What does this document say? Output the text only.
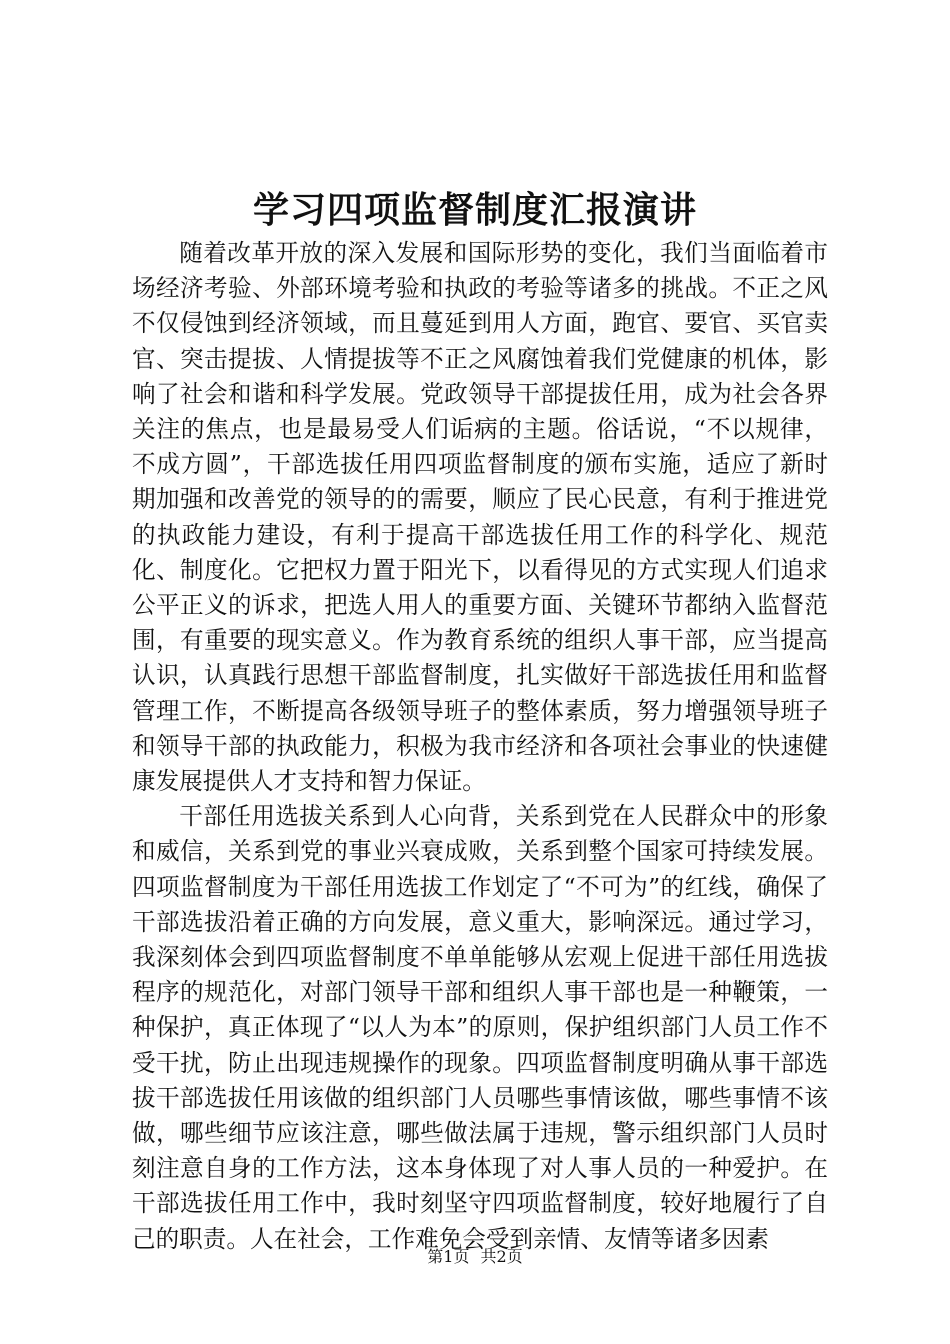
学习四项监督制度汇报演讲

随着改革开放的深入发展和国际形势的变化，我们当面临着市场经济考验、外部环境考验和执政的考验等诸多的挑战。不正之风不仅侵蚀到经济领域，而且蔓延到用人方面，跑官、要官、买官卖官、突击提拔、人情提拔等不正之风腐蚀着我们党健康的机体，影响了社会和谐和科学发展。党政领导干部提拔任用，成为社会各界关注的焦点，也是最易受人们诟病的主题。俗话说，“不以规律，不成方圆”，干部选拔任用四项监督制度的颁布实施，适应了新时期加强和改善党的领导的的需要，顺应了民心民意，有利于推进党的执政能力建设，有利于提高干部选拔任用工作的科学化、规范化、制度化。它把权力置于阳光下，以看得见的方式实现人们追求公平正义的诉求，把选人用人的重要方面、关键环节都纳入监督范围，有重要的现实意义。作为教育系统的组织人事干部，应当提高认识，认真践行思想干部监督制度，扎实做好干部选拔任用和监督管理工作，不断提高各级领导班子的整体素质，努力增强领导班子和领导干部的执政能力，积极为我市经济和各项社会事业的快速健康发展提供人才支持和智力保证。

干部任用选拔关系到人心向背，关系到党在人民群众中的形象和威信，关系到党的事业兴衰成败，关系到整个国家可持续发展。四项监督制度为干部任用选拔工作划定了“不可为”的红线，确保了干部选拔沿着正确的方向发展，意义重大，影响深远。通过学习，我深刻体会到四项监督制度不单单能够从宏观上促进干部任用选拔程序的规范化，对部门领导干部和组织人事干部也是一种鞭策，一种保护，真正体现了“以人为本”的原则，保护组织部门人员工作不受干扰，防止出现违规操作的现象。四项监督制度明确从事干部选拔干部选拔任用该做的组织部门人员哪些事情该做，哪些事情不该做，哪些细节应该注意，哪些做法属于违规，警示组织部门人员时刻注意自身的工作方法，这本身体现了对人事人员的一种爱护。在干部选拔任用工作中，我时刻坚守四项监督制度，较好地履行了自己的职责。人在社会，工作难免会受到亲情、友情等诸多因素

第1页 共2页
